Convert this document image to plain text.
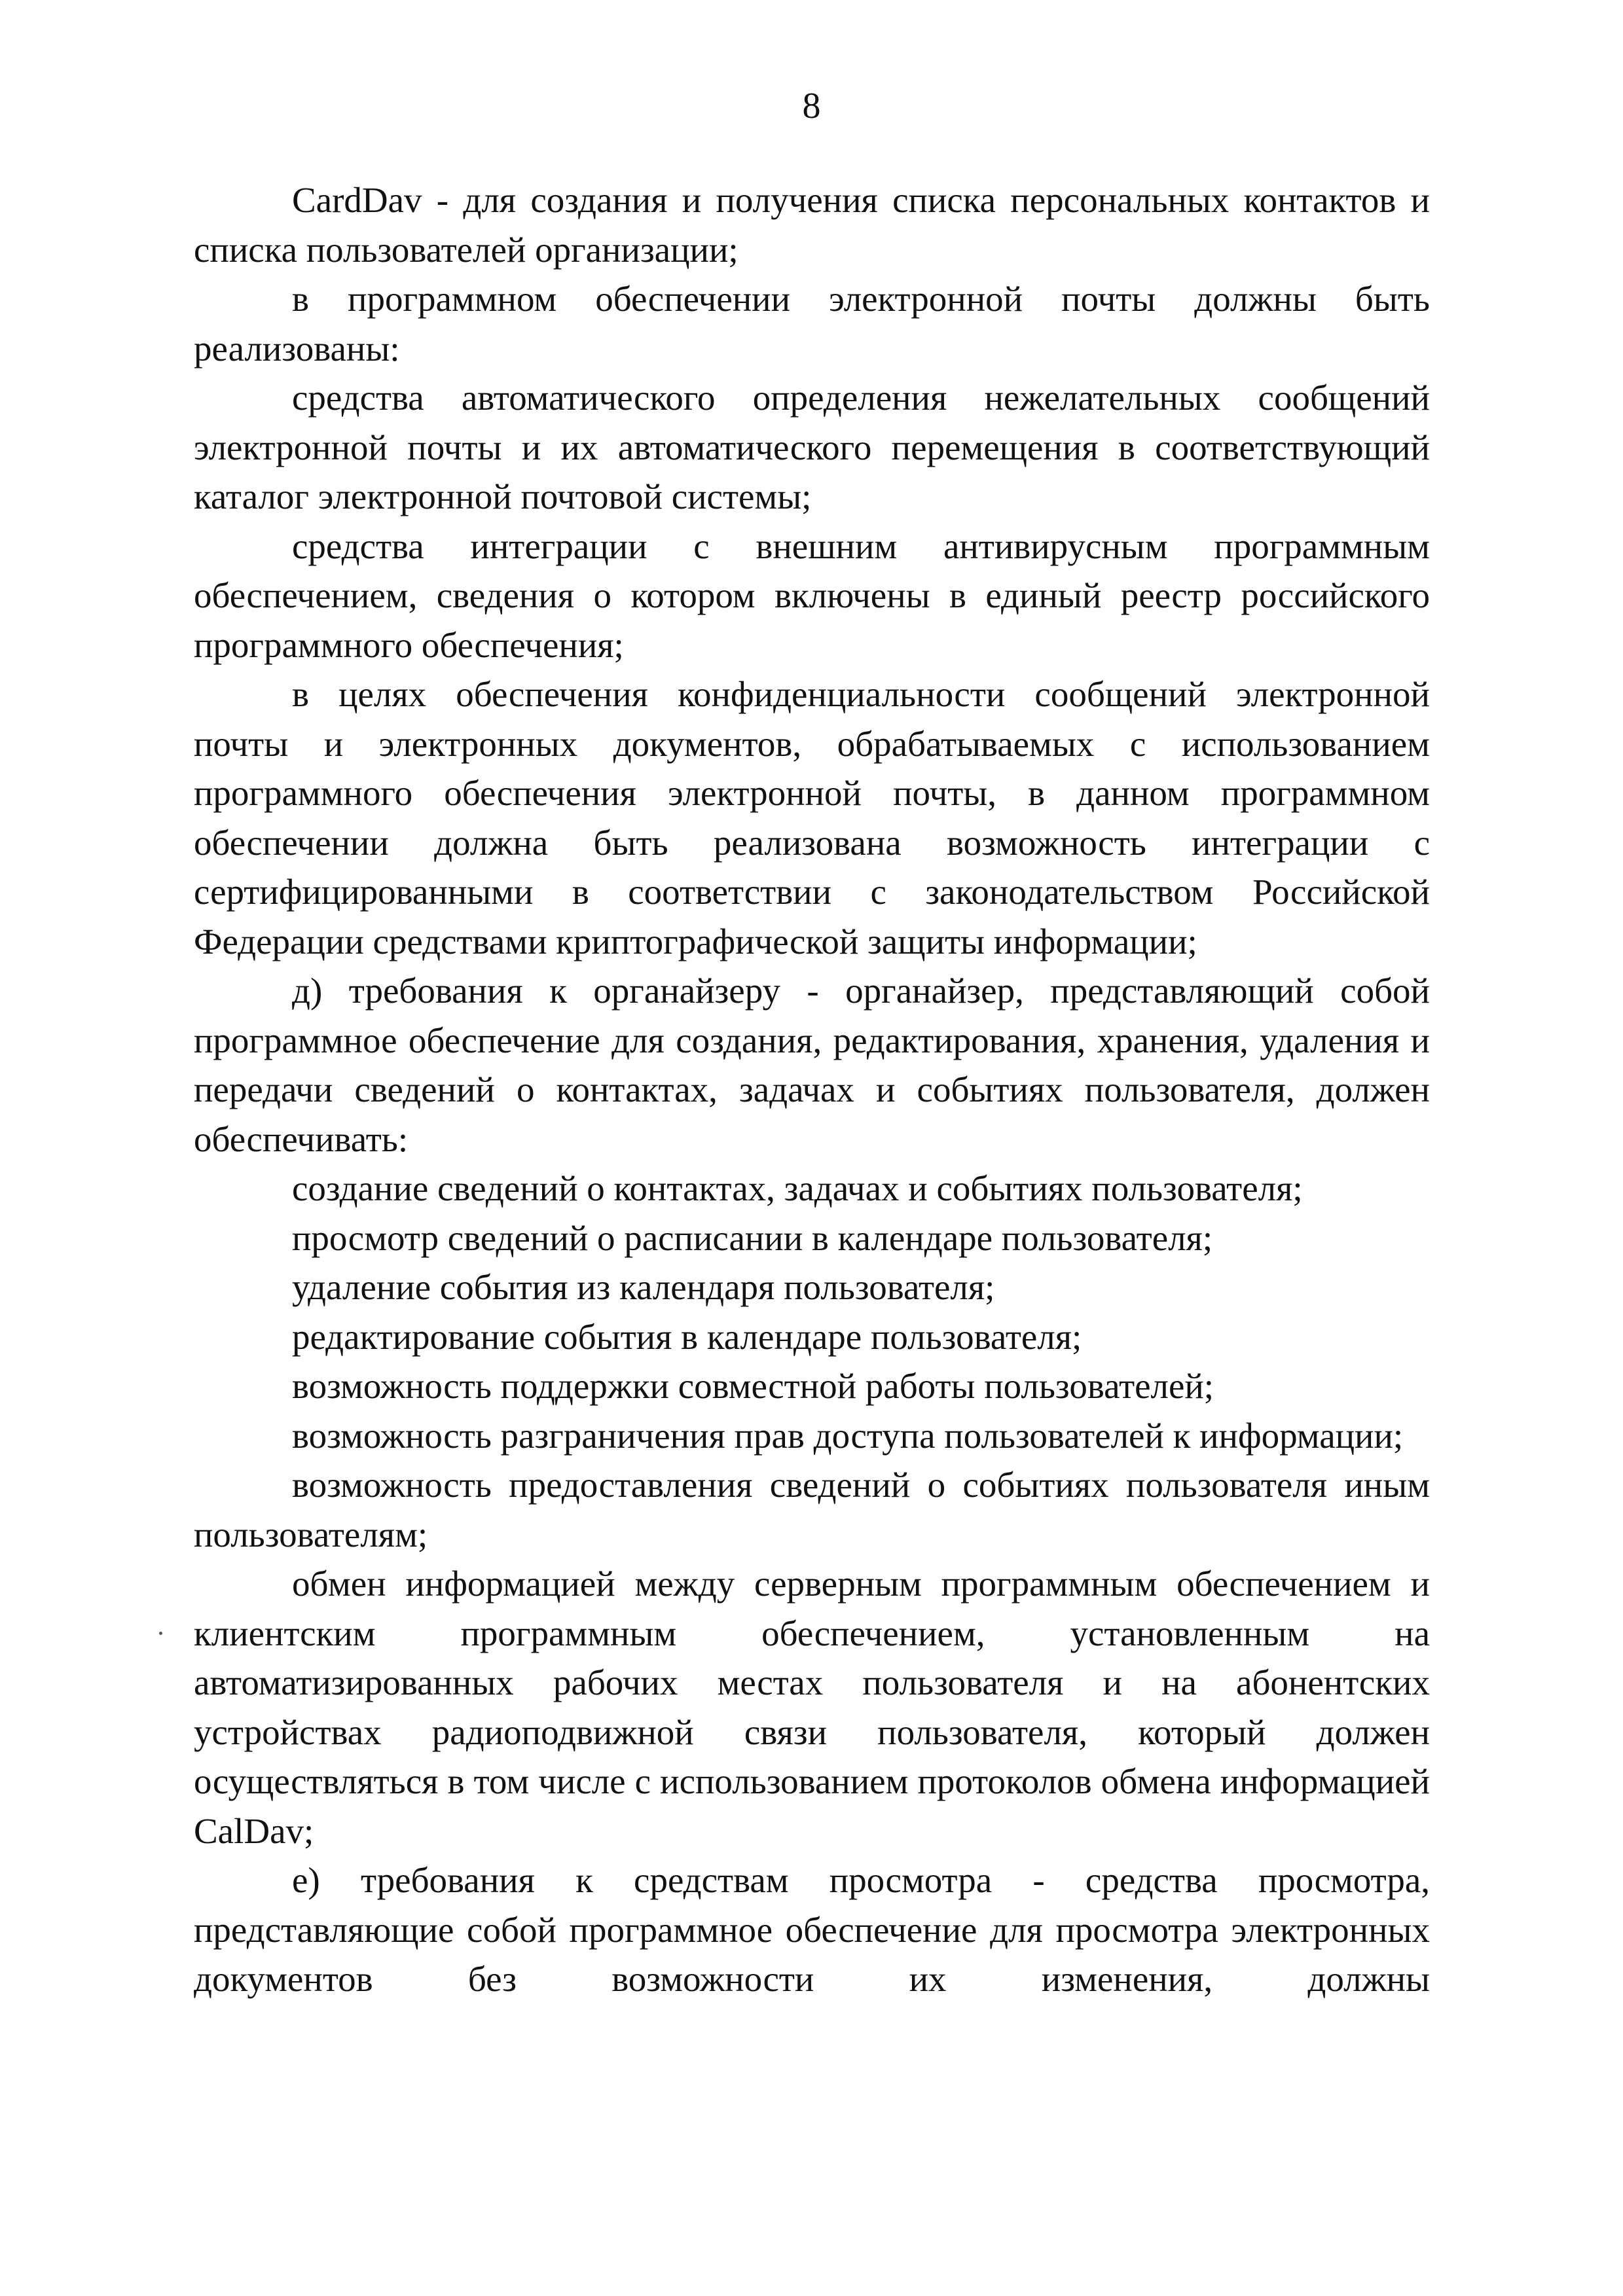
8

CardDav - для создания и получения списка персональных контактов и списка пользователей организации;

в программном обеспечении электронной почты должны быть реализованы:

средства автоматического определения нежелательных сообщений электронной почты и их автоматического перемещения в соответствующий каталог электронной почтовой системы;

средства интеграции с внешним антивирусным программным обеспечением, сведения о котором включены в единый реестр российского программного обеспечения;

в целях обеспечения конфиденциальности сообщений электронной почты и электронных документов, обрабатываемых с использованием программного обеспечения электронной почты, в данном программном обеспечении должна быть реализована возможность интеграции с сертифицированными в соответствии с законодательством Российской Федерации средствами криптографической защиты информации;

д) требования к органайзеру - органайзер, представляющий собой программное обеспечение для создания, редактирования, хранения, удаления и передачи сведений о контактах, задачах и событиях пользователя, должен обеспечивать:

создание сведений о контактах, задачах и событиях пользователя;

просмотр сведений о расписании в календаре пользователя;

удаление события из календаря пользователя;

редактирование события в календаре пользователя;

возможность поддержки совместной работы пользователей;

возможность разграничения прав доступа пользователей к информации;

возможность предоставления сведений о событиях пользователя иным пользователям;

обмен информацией между серверным программным обеспечением и клиентским программным обеспечением, установленным на автоматизированных рабочих местах пользователя и на абонентских устройствах радиоподвижной связи пользователя, который должен осуществляться в том числе с использованием протоколов обмена информацией CalDav;

е) требования к средствам просмотра - средства просмотра, представляющие собой программное обеспечение для просмотра электронных документов без возможности их изменения, должны
